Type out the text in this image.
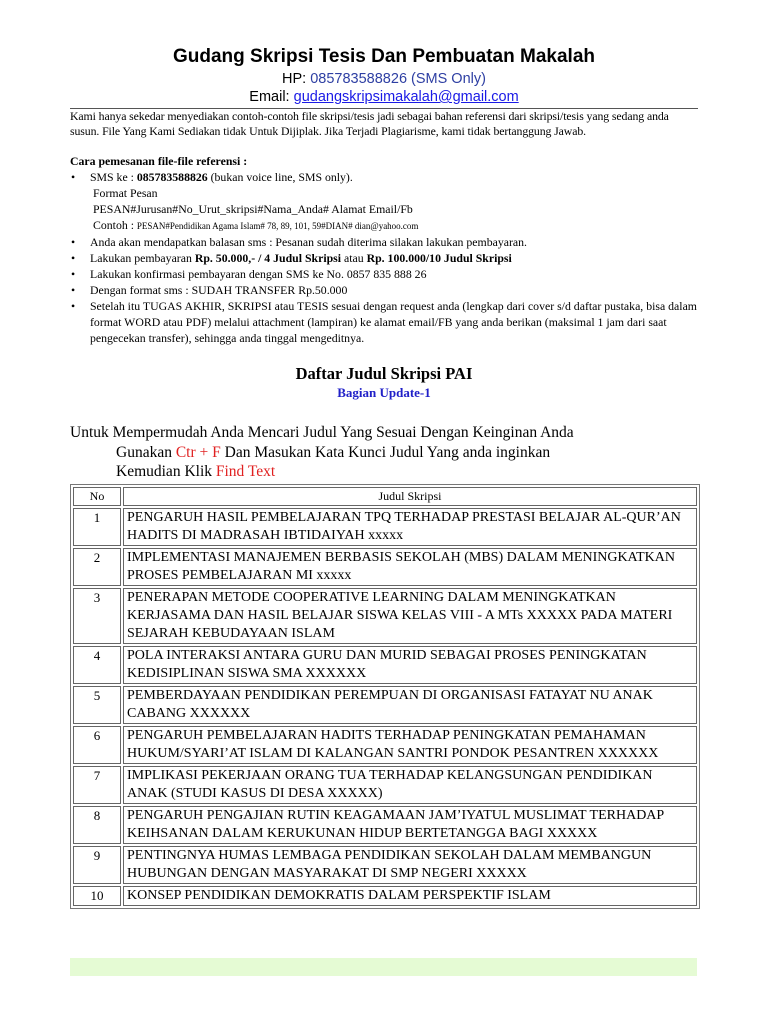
Gudang Skripsi Tesis Dan Pembuatan Makalah
HP: 085783588826 (SMS Only)
Email: gudangskripsimakalah@gmail.com
Kami hanya sekedar menyediakan contoh-contoh file skripsi/tesis jadi sebagai bahan referensi dari skripsi/tesis yang sedang anda susun. File Yang Kami Sediakan tidak Untuk Dijiplak. Jika Terjadi Plagiarisme, kami tidak bertanggung Jawab.
Cara pemesanan file-file referensi :
• SMS ke : 085783588826 (bukan voice line, SMS only).
Format Pesan
PESAN#Jurusan#No_Urut_skripsi#Nama_Anda# Alamat Email/Fb
Contoh : PESAN#Pendidikan Agama Islam# 78, 89, 101, 59#DIAN# dian@yahoo.com
• Anda akan mendapatkan balasan sms : Pesanan sudah diterima silakan lakukan pembayaran.
• Lakukan pembayaran Rp. 50.000,- / 4 Judul Skripsi atau Rp. 100.000/10 Judul Skripsi
• Lakukan konfirmasi pembayaran dengan SMS ke No. 0857 835 888 26
• Dengan format sms : SUDAH TRANSFER Rp.50.000
• Setelah itu TUGAS AKHIR, SKRIPSI atau TESIS sesuai dengan request anda (lengkap dari cover s/d daftar pustaka, bisa dalam format WORD atau PDF) melalui attachment (lampiran) ke alamat email/FB yang anda berikan (maksimal 1 jam dari saat pengecekan transfer), sehingga anda tinggal mengeditnya.
Daftar Judul Skripsi PAI
Bagian Update-1
Untuk Mempermudah Anda Mencari Judul Yang Sesuai Dengan Keinginan Anda
Gunakan Ctr + F Dan Masukan Kata Kunci Judul Yang anda inginkan
Kemudian Klik Find Text
No	Judul Skripsi
1	PENGARUH HASIL PEMBELAJARAN TPQ TERHADAP PRESTASI BELAJAR AL-QUR’AN HADITS DI MADRASAH IBTIDAIYAH xxxxx
2	IMPLEMENTASI MANAJEMEN BERBASIS SEKOLAH (MBS) DALAM MENINGKATKAN PROSES PEMBELAJARAN MI xxxxx
3	PENERAPAN METODE COOPERATIVE LEARNING DALAM MENINGKATKAN KERJASAMA DAN HASIL BELAJAR SISWA KELAS VIII - A MTs XXXXX PADA MATERI SEJARAH KEBUDAYAAN ISLAM
4	POLA INTERAKSI ANTARA GURU DAN MURID SEBAGAI PROSES PENINGKATAN KEDISIPLINAN SISWA SMA XXXXXX
5	PEMBERDAYAAN PENDIDIKAN PEREMPUAN DI ORGANISASI FATAYAT NU ANAK CABANG XXXXXX
6	PENGARUH PEMBELAJARAN HADITS TERHADAP PENINGKATAN PEMAHAMAN HUKUM/SYARI’AT ISLAM DI KALANGAN SANTRI PONDOK PESANTREN XXXXXX
7	IMPLIKASI PEKERJAAN ORANG TUA TERHADAP KELANGSUNGAN PENDIDIKAN ANAK (STUDI KASUS DI DESA XXXXX)
8	PENGARUH PENGAJIAN RUTIN KEAGAMAAN JAM’IYATUL MUSLIMAT TERHADAP KEIHSANAN DALAM KERUKUNAN HIDUP BERTETANGGA BAGI XXXXX
9	PENTINGNYA HUMAS LEMBAGA PENDIDIKAN SEKOLAH DALAM MEMBANGUN HUBUNGAN DENGAN MASYARAKAT DI SMP NEGERI XXXXX
10	KONSEP PENDIDIKAN DEMOKRATIS DALAM PERSPEKTIF ISLAM
